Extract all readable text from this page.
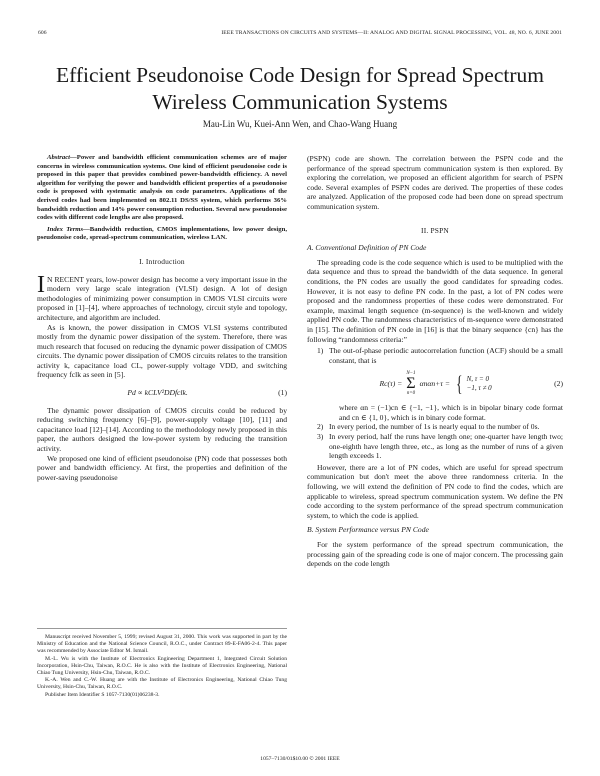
606	IEEE TRANSACTIONS ON CIRCUITS AND SYSTEMS—II: ANALOG AND DIGITAL SIGNAL PROCESSING, VOL. 48, NO. 6, JUNE 2001
Efficient Pseudonoise Code Design for Spread Spectrum Wireless Communication Systems
Mau-Lin Wu, Kuei-Ann Wen, and Chao-Wang Huang

Abstract—Power and bandwidth efficient communication schemes are of major concerns in wireless communication systems. One kind of efficient pseudonoise code is proposed in this paper that provides combined power-bandwidth efficiency. A novel algorithm for verifying the power and bandwidth efficient properties of a pseudonoise code is proposed with systematic analysis on code parameters. Applications of the derived codes had been implemented on 802.11 DS/SS system, which performs 36% bandwidth reduction and 14% power consumption reduction. Several new pseudonoise codes with different code lengths are also proposed.

Index Terms—Bandwidth reduction, CMOS implementations, low power design, pseudonoise code, spread-spectrum communication, wireless LAN.

I. Introduction

I N RECENT years, low-power design has become a very important issue in the modern very large scale integration (VLSI) design. A lot of design methodologies of minimizing power consumption in CMOS VLSI circuits were proposed in [1]–[4], where approaches of technology, circuit style and topology, architecture, and algorithm are included.

As is known, the power dissipation in CMOS VLSI systems contributed mostly from the dynamic power dissipation of the system. Therefore, there was much research that focused on reducing the dynamic power dissipation of CMOS circuits. The dynamic power dissipation of CMOS circuits relates to the transition activity k, capacitance load CL, power-supply voltage VDD, and switching frequency fclk as seen in [5].

Pd ∝ kCLV²DDfclk.	(1)

The dynamic power dissipation of CMOS circuits could be reduced by reducing switching frequency [6]–[9], power-supply voltage [10], [11] and capacitance load [12]–[14]. According to the methodology newly proposed in this paper, the authors designed the low-power system by reducing the transition activity.

We proposed one kind of efficient pseudonoise (PN) code that possesses both power and bandwidth efficiency. At first, the properties and definition of the power-saving pseudonoise

Manuscript received November 5, 1999; revised August 31, 2000. This work was supported in part by the Ministry of Education and the National Science Council, R.O.C., under Contract 89-E-FA06-2-4. This paper was recommended by Associate Editor M. Ismail.

M.-L. Wu is with the Institute of Electronics Engineering Department 1, Integrated Circuit Solution Incorporation, Hsin-Chu, Taiwan, R.O.C. He is also with the Institute of Electronics Engineering, National Chiao Tung University, Hsin-Chu, Taiwan, R.O.C.

K.-A. Wen and C.-W. Huang are with the Institute of Electronics Engineering, National Chiao Tung University, Hsin-Chu, Taiwan, R.O.C.

Publisher Item Identifier S 1057-7130(01)06238-3.

(PSPN) code are shown. The correlation between the PSPN code and the performance of the spread spectrum communication system is then explored. By exploring the correlation, we proposed an efficient algorithm for search of PSPN code. Several examples of PSPN codes are derived. The properties of these codes are analyzed. Application of the proposed code had been done on spread spectrum communication system.

II. PSPN
A. Conventional Definition of PN Code

The spreading code is the code sequence which is used to be multiplied with the data sequence and thus to spread the bandwidth of the data sequence. In general conditions, the PN codes are usually the good candidates for spreading codes. However, it is not easy to define PN code. In the past, a lot of PN codes were proposed and the randomness properties of these codes were demonstrated. For example, maximal length sequence (m-sequence) is the well-known and widely applied PN code. The randomness characteristics of m-sequence were demonstrated in [15]. The definition of PN code in [16] is that the binary sequence {cn} has the following “randomness criteria:”

1) The out-of-phase periodic autocorrelation function (ACF) should be a small constant, that is
Rc(τ) =
N−1
Σ
n=0
αnαn+τ = { N, τ = 0
−1, τ ≠ 0	(2)

where αn = (−1)cn ∈ {−1, −1}, which is in bipolar binary code format and cn ∈ {1, 0}, which is in binary code format.

2) In every period, the number of 1s is nearly equal to the number of 0s.
3) In every period, half the runs have length one; one-quarter have length two; one-eighth have length three, etc., as long as the number of runs of a given length exceeds 1.

However, there are a lot of PN codes, which are useful for spread spectrum communication but don't meet the above three randomness criteria. In the following, we will extend the definition of PN code to find the codes, which are applicable to wireless, spread spectrum communication system. We define the PN code according to the system performance of the spread spectrum communication system, to which the code is applied.

B. System Performance versus PN Code

For the system performance of the spread spectrum communication, the processing gain of the spreading code is one of major concern. The processing gain depends on the code length

1057–7130/01$10.00 © 2001 IEEE
